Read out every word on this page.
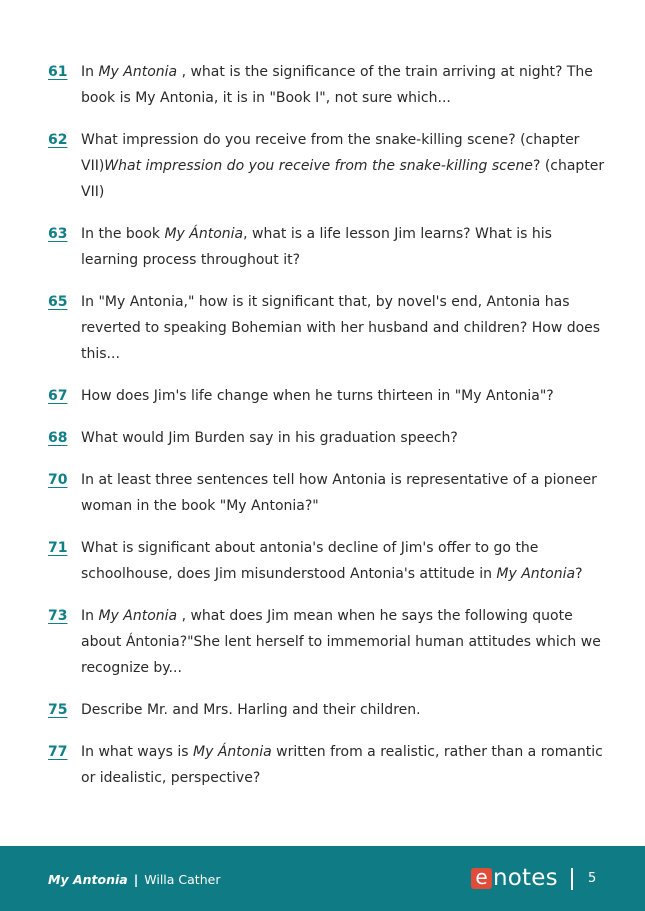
61 In My Antonia , what is the significance of the train arriving at night? The book is My Antonia, it is in "Book I", not sure which...
62 What impression do you receive from the snake-killing scene? (chapter VII)What impression do you receive from the snake-killing scene? (chapter VII)
63 In the book My Ántonia, what is a life lesson Jim learns? What is his learning process throughout it?
65 In "My Antonia," how is it significant that, by novel's end, Antonia has reverted to speaking Bohemian with her husband and children? How does this...
67 How does Jim's life change when he turns thirteen in "My Antonia"?
68 What would Jim Burden say in his graduation speech?
70 In at least three sentences tell how Antonia is representative of a pioneer woman in the book "My Antonia?"
71 What is significant about antonia's decline of Jim's offer to go the schoolhouse, does Jim misunderstood Antonia's attitude in My Antonia?
73 In My Antonia , what does Jim mean when he says the following quote about Ántonia?"She lent herself to immemorial human attitudes which we recognize by...
75 Describe Mr. and Mrs. Harling and their children.
77 In what ways is My Ántonia written from a realistic, rather than a romantic or idealistic, perspective?
My Antonia | Willa Cather	e notes 5
